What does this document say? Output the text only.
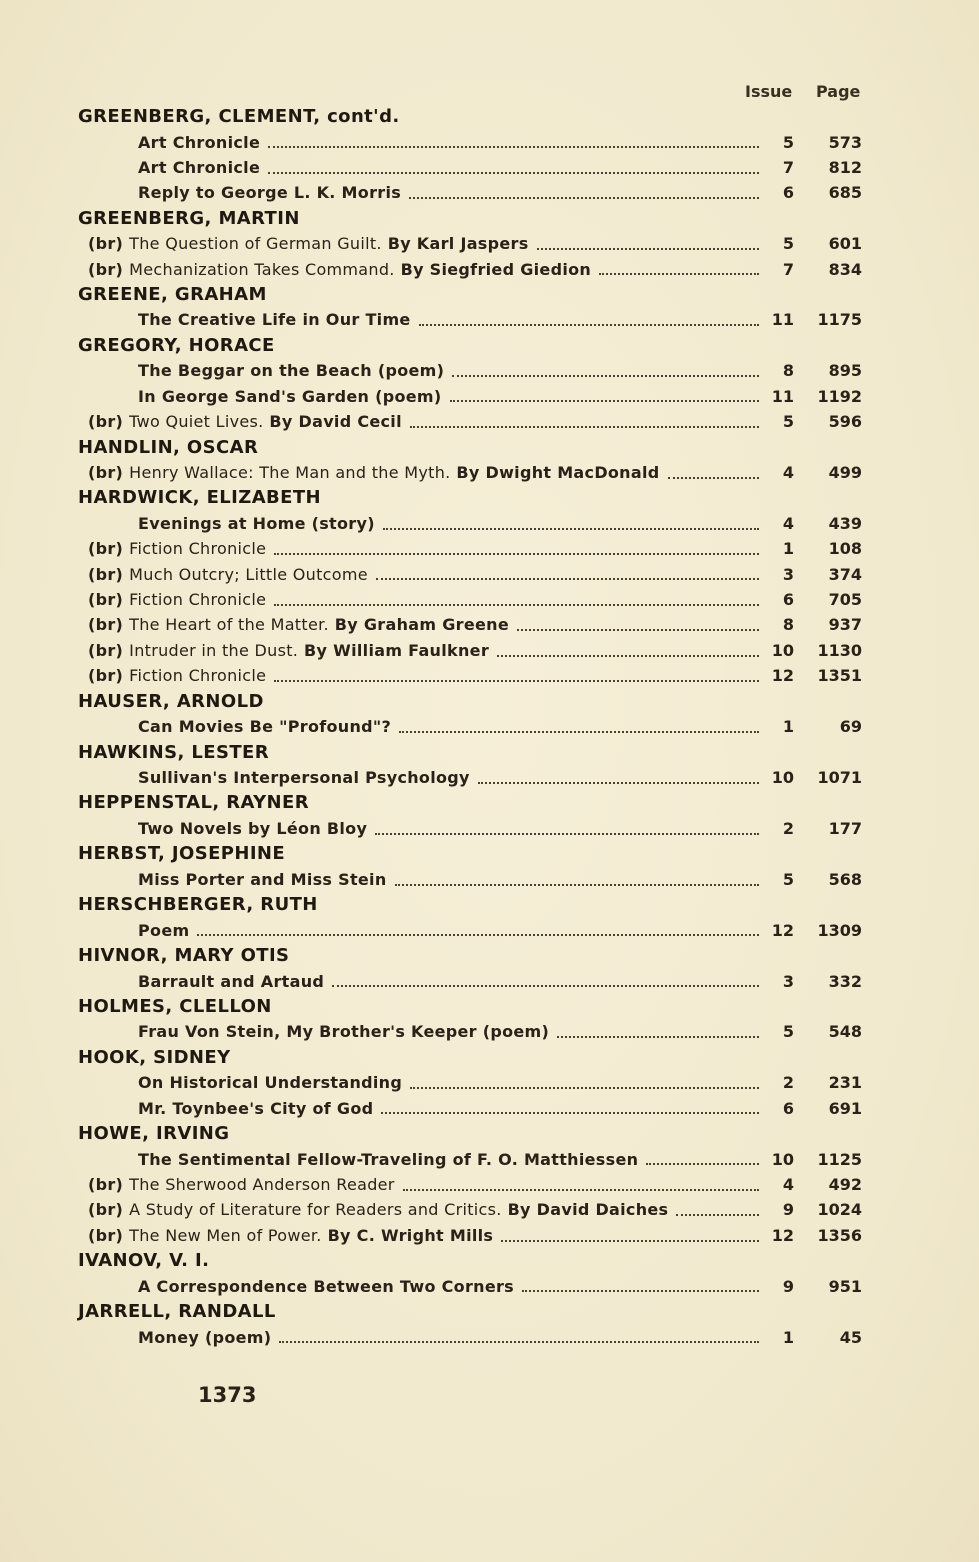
Issue Page
GREENBERG, CLEMENT, cont'd.
Art Chronicle	5	573
Art Chronicle	7	812
Reply to George L. K. Morris	6	685
GREENBERG, MARTIN
(br) The Question of German Guilt. By Karl Jaspers	5	601
(br) Mechanization Takes Command. By Siegfried Giedion	7	834
GREENE, GRAHAM
The Creative Life in Our Time	11	1175
GREGORY, HORACE
The Beggar on the Beach (poem)	8	895
In George Sand's Garden (poem)	11	1192
(br) Two Quiet Lives. By David Cecil	5	596
HANDLIN, OSCAR
(br) Henry Wallace: The Man and the Myth. By Dwight MacDonald	4	499
HARDWICK, ELIZABETH
Evenings at Home (story)	4	439
(br) Fiction Chronicle	1	108
(br) Much Outcry; Little Outcome	3	374
(br) Fiction Chronicle	6	705
(br) The Heart of the Matter. By Graham Greene	8	937
(br) Intruder in the Dust. By William Faulkner	10	1130
(br) Fiction Chronicle	12	1351
HAUSER, ARNOLD
Can Movies Be "Profound"?	1	69
HAWKINS, LESTER
Sullivan's Interpersonal Psychology	10	1071
HEPPENSTAL, RAYNER
Two Novels by Léon Bloy	2	177
HERBST, JOSEPHINE
Miss Porter and Miss Stein	5	568
HERSCHBERGER, RUTH
Poem	12	1309
HIVNOR, MARY OTIS
Barrault and Artaud	3	332
HOLMES, CLELLON
Frau Von Stein, My Brother's Keeper (poem)	5	548
HOOK, SIDNEY
On Historical Understanding	2	231
Mr. Toynbee's City of God	6	691
HOWE, IRVING
The Sentimental Fellow-Traveling of F. O. Matthiessen	10	1125
(br) The Sherwood Anderson Reader	4	492
(br) A Study of Literature for Readers and Critics. By David Daiches	9	1024
(br) The New Men of Power. By C. Wright Mills	12	1356
IVANOV, V. I.
A Correspondence Between Two Corners	9	951
JARRELL, RANDALL
Money (poem)	1	45
1373
